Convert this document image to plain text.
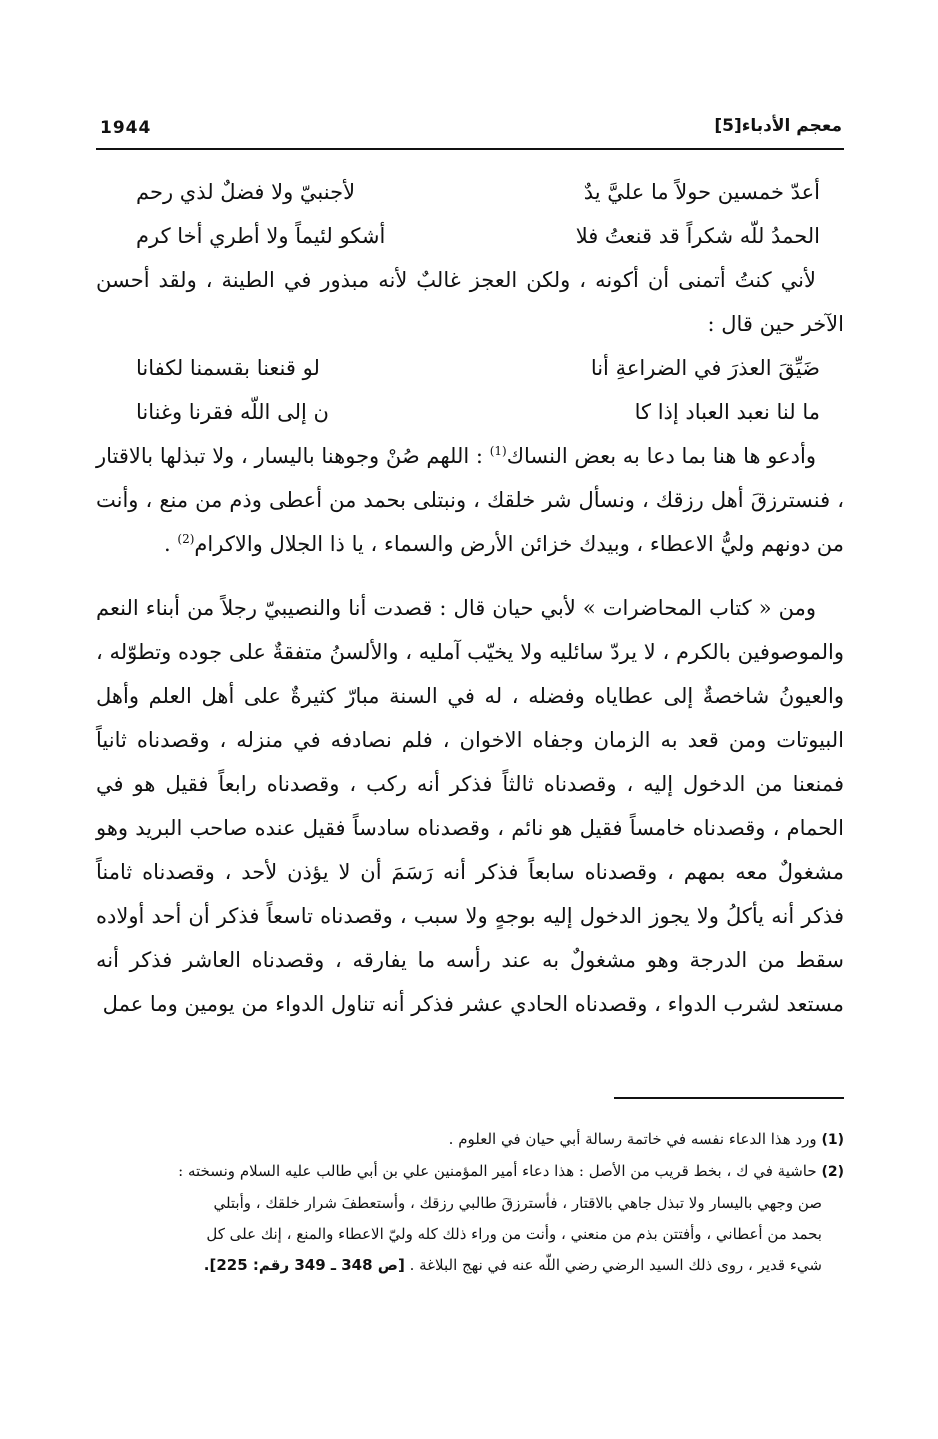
1944	معجم الأدباء[5]
أعدّ خمسين حولاً ما عليَّ يدٌ
لأجنبيّ ولا فضلٌ لذي رحم
الحمدُ للّه شكراً قد قنعتُ فلا
أشكو لئيماً ولا أطري أخا كرم

لأني كنتُ أتمنى أن أكونه ، ولكن العجز غالبٌ لأنه مبذور في الطينة ، ولقد أحسن الآخر حين قال :

ضَيِّقَ العذرَ في الضراعةِ أنا
لو قنعنا بقسمنا لكفانا
ما لنا نعبد العباد إذا كا
ن إلى اللّه فقرنا وغنانا

وأدعو ها هنا بما دعا به بعض النساك$^{(1)}$ : اللهم صُنْ وجوهنا باليسار ، ولا تبذلها بالاقتار ، فنسترزقَ أهل رزقك ، ونسأل شر خلقك ، ونبتلى بحمد من أعطى وذم من منع ، وأنت من دونهم وليُّ الاعطاء ، وبيدك خزائن الأرض والسماء ، يا ذا الجلال والاكرام$^{(2)}$ .

ومن « كتاب المحاضرات » لأبي حيان قال : قصدت أنا والنصيبيّ رجلاً من أبناء النعم والموصوفين بالكرم ، لا يردّ سائليه ولا يخيّب آمليه ، والألسنُ متفقةٌ على جوده وتطوّله ، والعيونُ شاخصةٌ إلى عطاياه وفضله ، له في السنة مبارّ كثيرةٌ على أهل العلم وأهل البيوتات ومن قعد به الزمان وجفاه الاخوان ، فلم نصادفه في منزله ، وقصدناه ثانياً فمنعنا من الدخول إليه ، وقصدناه ثالثاً فذكر أنه ركب ، وقصدناه رابعاً فقيل هو في الحمام ، وقصدناه خامساً فقيل هو نائم ، وقصدناه سادساً فقيل عنده صاحب البريد وهو مشغولٌ معه بمهم ، وقصدناه سابعاً فذكر أنه رَسَمَ أن لا يؤذن لأحد ، وقصدناه ثامناً فذكر أنه يأكلُ ولا يجوز الدخول إليه بوجهٍ ولا سبب ، وقصدناه تاسعاً فذكر أن أحد أولاده سقط من الدرجة وهو مشغولٌ به عند رأسه ما يفارقه ، وقصدناه العاشر فذكر أنه مستعد لشرب الدواء ، وقصدناه الحادي عشر فذكر أنه تناول الدواء من يومين وما عمل

(1) ورد هذا الدعاء نفسه في خاتمة رسالة أبي حيان في العلوم .

(2) حاشية في ك ، بخط قريب من الأصل : هذا دعاء أمير المؤمنين علي بن أبي طالب عليه السلام ونسخته :

صن وجهي باليسار ولا تبذل جاهي بالاقتار ، فأسترزقَ طالبي رزقك ، وأستعطفَ شرار خلقك ، وأبتلي

بحمد من أعطاني ، وأفتتن بذم من منعني ، وأنت من وراء ذلك كله وليّ الاعطاء والمنع ، إنك على كل

شيء قدير ، روى ذلك السيد الرضي رضي اللّه عنه في نهج البلاغة . [ص 348 ـ 349 رقم: 225].
